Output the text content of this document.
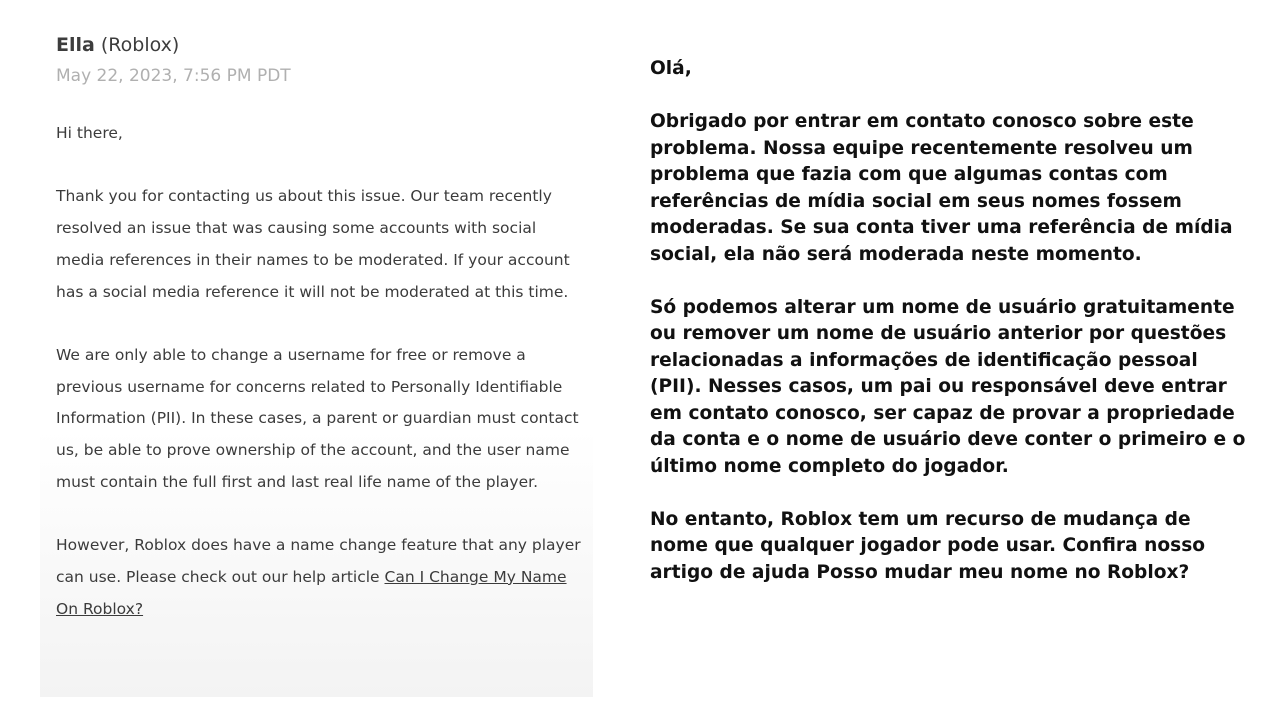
Ella (Roblox)
May 22, 2023, 7:56 PM PDT

Hi there,

Thank you for contacting us about this issue. Our team recently resolved an issue that was causing some accounts with social media references in their names to be moderated. If your account has a social media reference it will not be moderated at this time.

We are only able to change a username for free or remove a previous username for concerns related to Personally Identifiable Information (PII). In these cases, a parent or guardian must contact us, be able to prove ownership of the account, and the user name must contain the full first and last real life name of the player.

However, Roblox does have a name change feature that any player can use. Please check out our help article Can I Change My Name On Roblox?

Olá,

Obrigado por entrar em contato conosco sobre este problema. Nossa equipe recentemente resolveu um problema que fazia com que algumas contas com referências de mídia social em seus nomes fossem moderadas. Se sua conta tiver uma referência de mídia social, ela não será moderada neste momento.

Só podemos alterar um nome de usuário gratuitamente ou remover um nome de usuário anterior por questões relacionadas a informações de identificação pessoal (PII). Nesses casos, um pai ou responsável deve entrar em contato conosco, ser capaz de provar a propriedade da conta e o nome de usuário deve conter o primeiro e o último nome completo do jogador.

No entanto, Roblox tem um recurso de mudança de nome que qualquer jogador pode usar. Confira nosso artigo de ajuda Posso mudar meu nome no Roblox?
